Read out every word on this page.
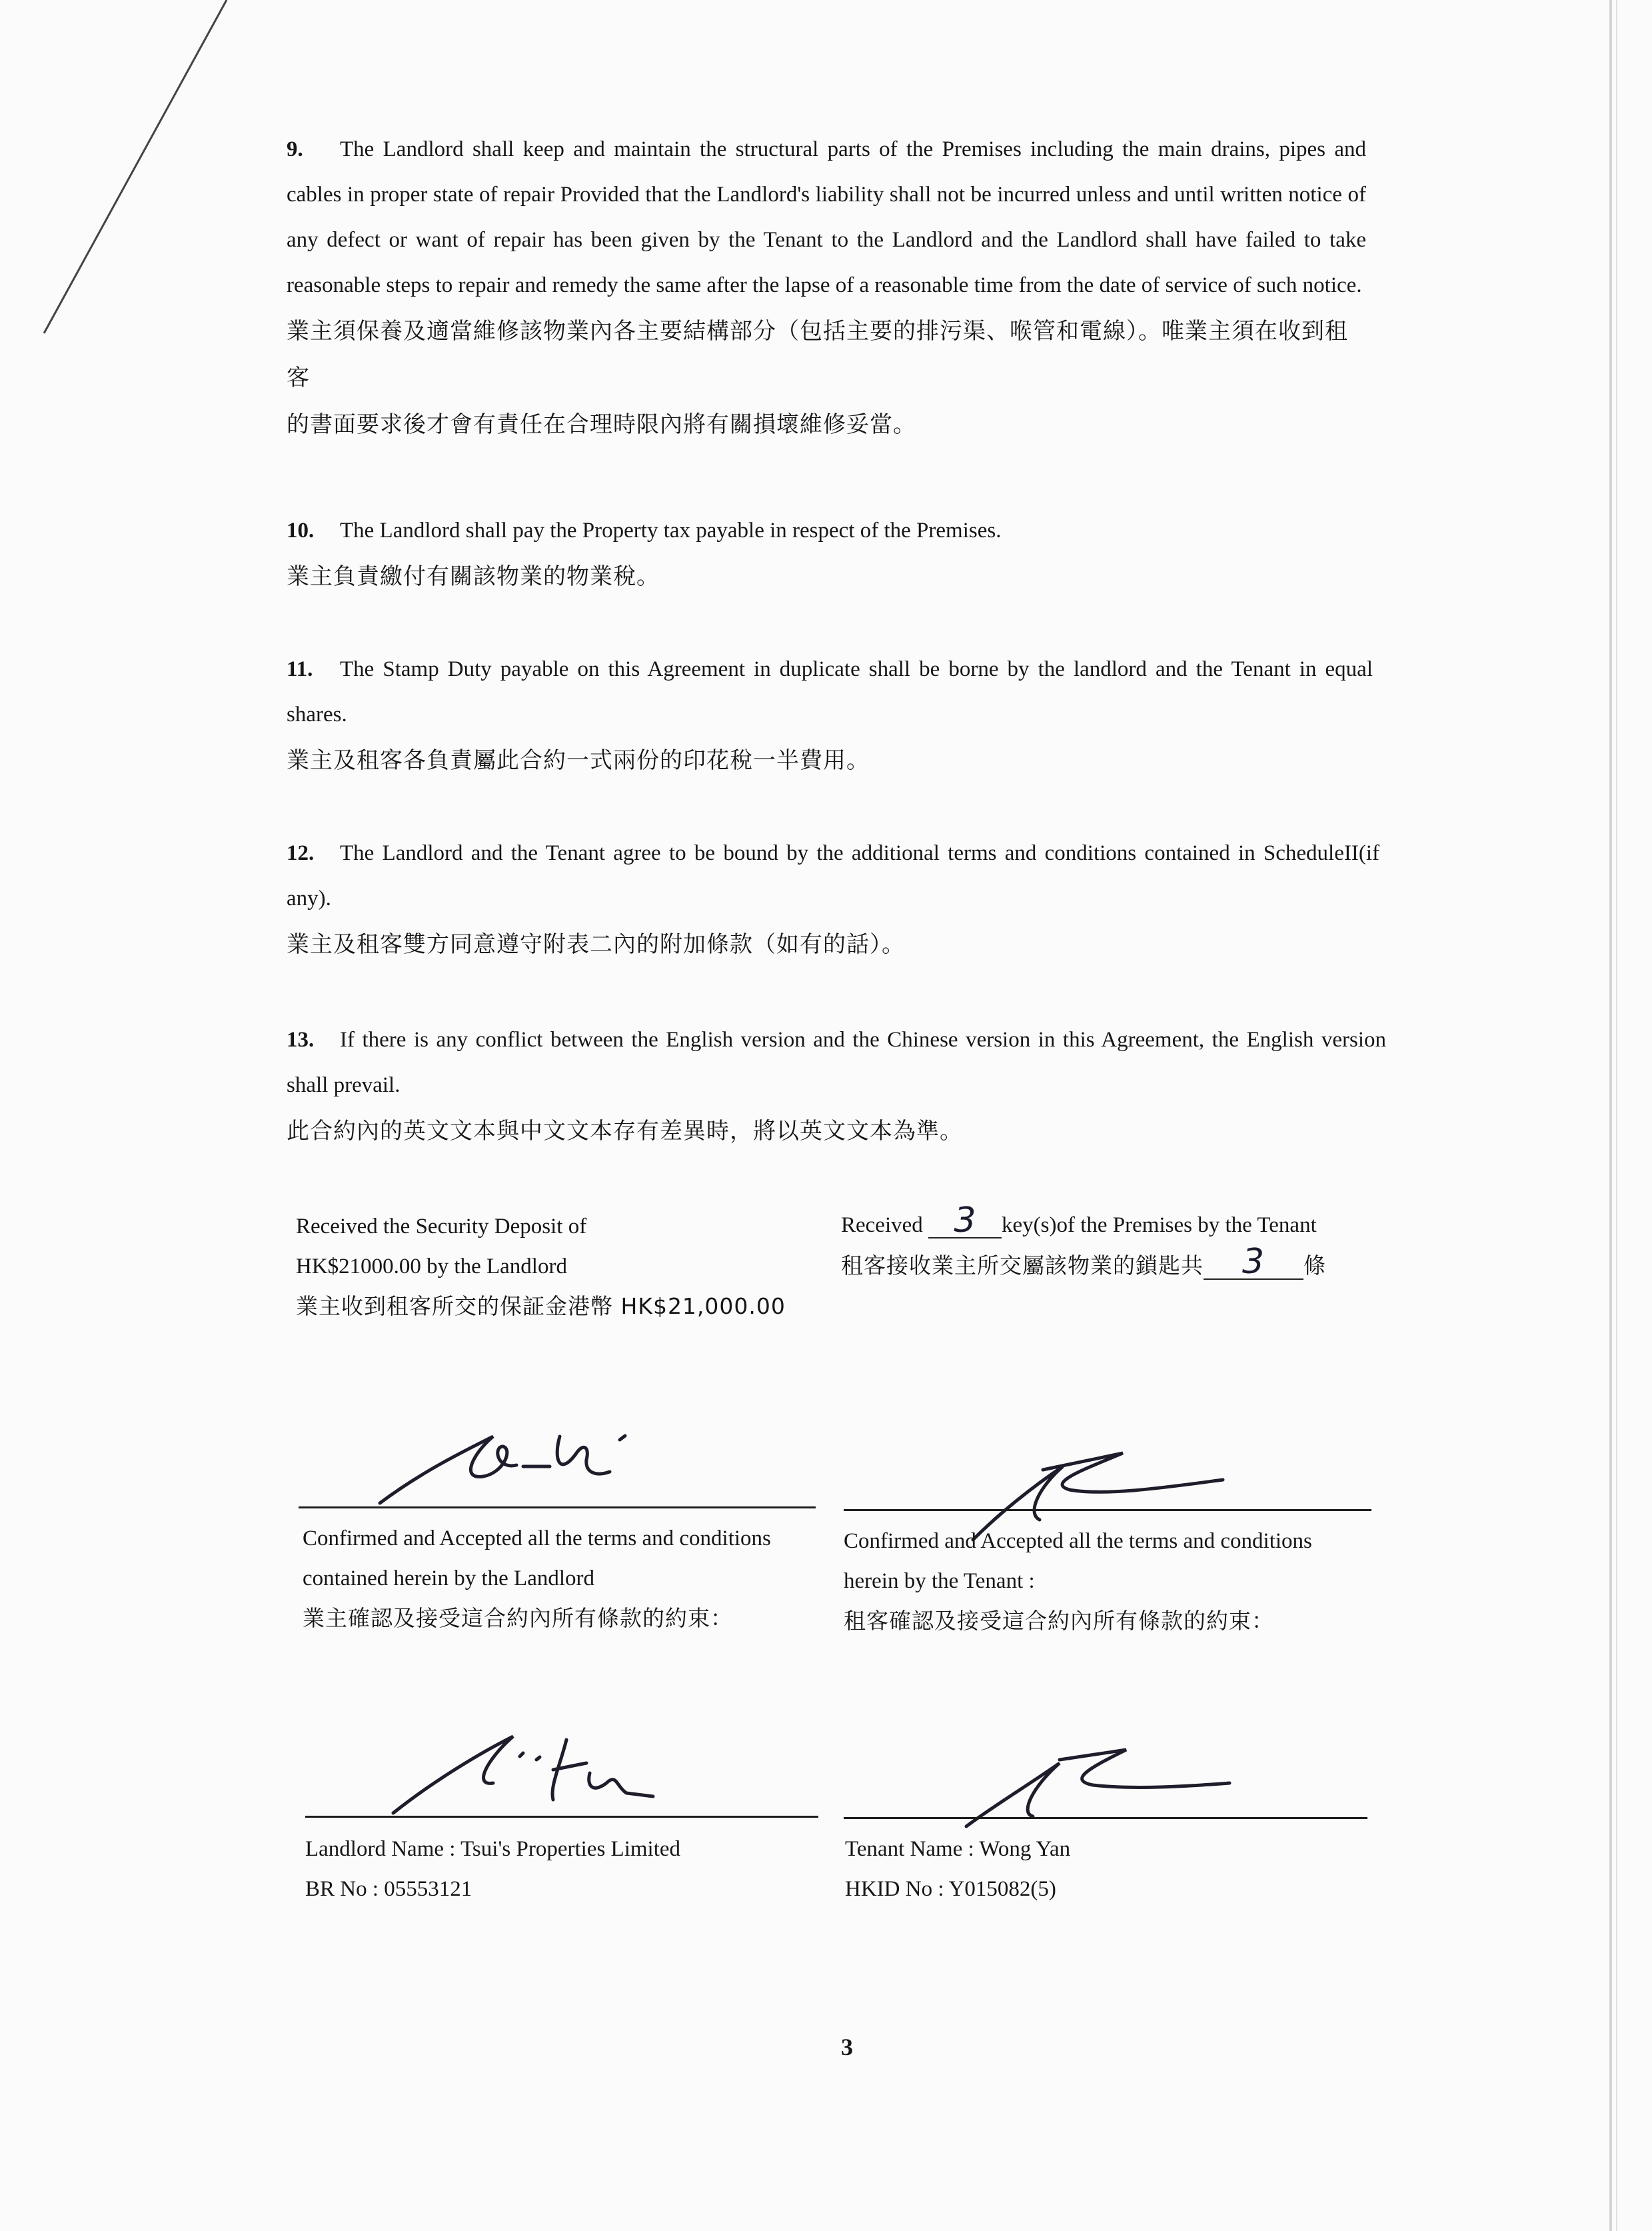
9. The Landlord shall keep and maintain the structural parts of the Premises including the main drains, pipes and cables in proper state of repair Provided that the Landlord's liability shall not be incurred unless and until written notice of any defect or want of repair has been given by the Tenant to the Landlord and the Landlord shall have failed to take reasonable steps to repair and remedy the same after the lapse of a reasonable time from the date of service of such notice.
業主須保養及適當維修該物業內各主要結構部分（包括主要的排污渠、喉管和電線）。唯業主須在收到租客
的書面要求後才會有責任在合理時限內將有關損壞維修妥當。
10. The Landlord shall pay the Property tax payable in respect of the Premises.
業主負責繳付有關該物業的物業稅。
11. The Stamp Duty payable on this Agreement in duplicate shall be borne by the landlord and the Tenant in equal shares.
業主及租客各負責屬此合約一式兩份的印花稅一半費用。
12. The Landlord and the Tenant agree to be bound by the additional terms and conditions contained in ScheduleII(if any).
業主及租客雙方同意遵守附表二內的附加條款（如有的話）。
13. If there is any conflict between the English version and the Chinese version in this Agreement, the English version shall prevail.
此合約內的英文文本與中文文本存有差異時，將以英文文本為準。
Received the Security Deposit of
HK$21000.00 by the Landlord
業主收到租客所交的保証金港幣 HK$21,000.00
Received 3 key(s)of the Premises by the Tenant
租客接收業主所交屬該物業的鎖匙共 3 條
Confirmed and Accepted all the terms and conditions
contained herein by the Landlord
業主確認及接受這合約內所有條款的約束：
Confirmed and Accepted all the terms and conditions
herein by the Tenant :
租客確認及接受這合約內所有條款的約束：
Landlord Name : Tsui's Properties Limited
BR No : 05553121
Tenant Name : Wong Yan
HKID No : Y015082(5)
3
